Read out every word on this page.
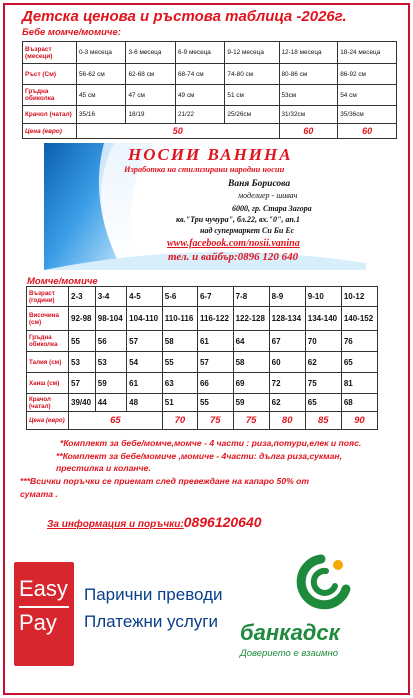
Детска ценова и ръстова таблица -2026г.
Бебе момче/момиче:
Възраст (месеци)	0-3 месеца	3-6 месеца	6-9 месеца	9-12 месеца	12-18 месеца	18-24 месеца
Ръст (См)	56-62 см	62-68 см	68-74 см	74-80 см	80-86 см	86-92 см
Гръдна обиколка	45 см	47 см	49 см	51 см	53см	54 см
Крачол (чатал)	35/16	18/19	21/22	25/26см	31/32см	35/36см
Цена (евро)	50				60	60
НОСИИ ВАНИНА
Изработка на стилизирани народни носии
Ваня Борисова
моделиер - шивач
6000, гр. Стара Загора
кв."Три чучура", бл.22, вх."0", ап.1
над супермаркет Си Би Ес
www.facebook.com/nosii.vanina
тел. и вайбър:0896 120 640
Момче/момиче
Възраст (години)	2-3	3-4	4-5	5-6	6-7	7-8	8-9	9-10	10-12
Височина (см)	92-98	98-104	104-110	110-116	116-122	122-128	128-134	134-140	140-152
Гръдна обиколка	55	56	57	58	61	64	67	70	76
Талия (см)	53	53	54	55	57	58	60	62	65
Ханш (см)	57	59	61	63	66	69	72	75	81
Крачол (чатал)	39/40	44	48	51	55	59	62	65	68
Цена (евро)	65			70	75	75	80	85	90
*Комплект за бебе/момче,момче - 4 части : риза,потури,елек и пояс.
**Комплект за бебе/момиче ,момиче - 4части: дълга риза,сукман,
престилка и коланче.
***Всички поръчки се приемат след превеждане на капаро 50% от
сумата .
За информация и поръчки:0896120640
Easy
Pay
Парични преводи
Платежни услуги банкадск
Доверието е взаимно
